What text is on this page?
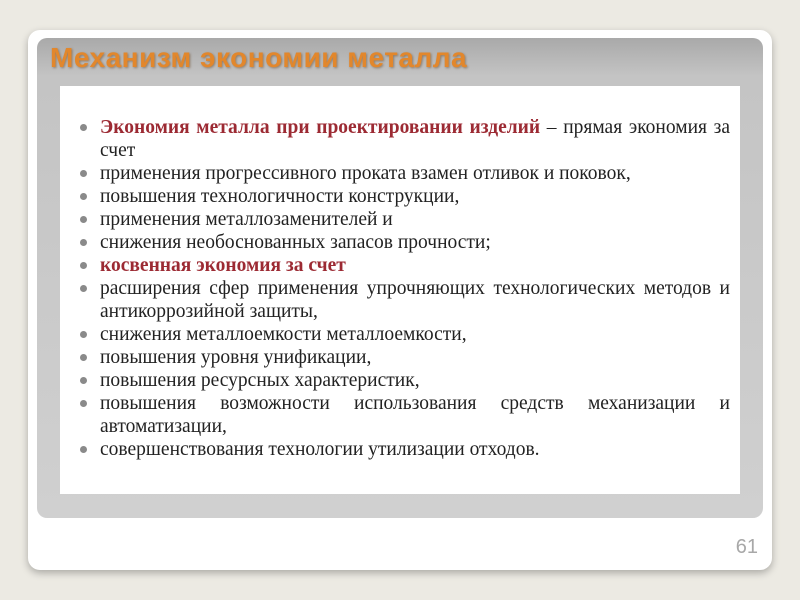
Механизм экономии металла
Экономия металла при проектировании изделий – прямая экономия за счет
применения прогрессивного проката взамен отливок и поковок,
повышения технологичности конструкции,
применения металлозаменителей и
снижения необоснованных запасов прочности;
косвенная экономия за счет
расширения сфер применения упрочняющих технологических методов и антикоррозийной защиты,
снижения металлоемкости металлоемкости,
повышения уровня унификации,
повышения ресурсных характеристик,
повышения возможности использования средств механизации и автоматизации,
совершенствования технологии утилизации отходов.
61
